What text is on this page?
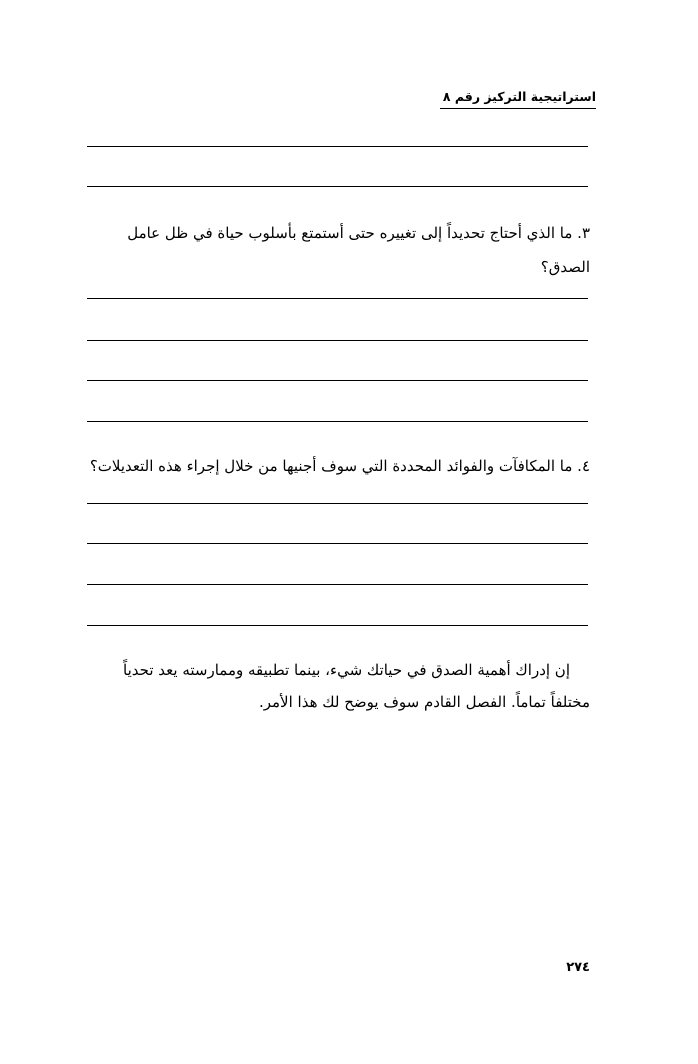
استراتيجية التركيز رقم ٨
٣. ما الذي أحتاج تحديداً إلى تغييره حتى أستمتع بأسلوب حياة في ظل عامل الصدق؟
٤. ما المكافآت والفوائد المحددة التي سوف أجنيها من خلال إجراء هذه التعديلات؟
إن إدراك أهمية الصدق في حياتك شيء، بينما تطبيقه وممارسته يعد تحدياً
مختلفاً تماماً. الفصل القادم سوف يوضح لك هذا الأمر.
٢٧٤
